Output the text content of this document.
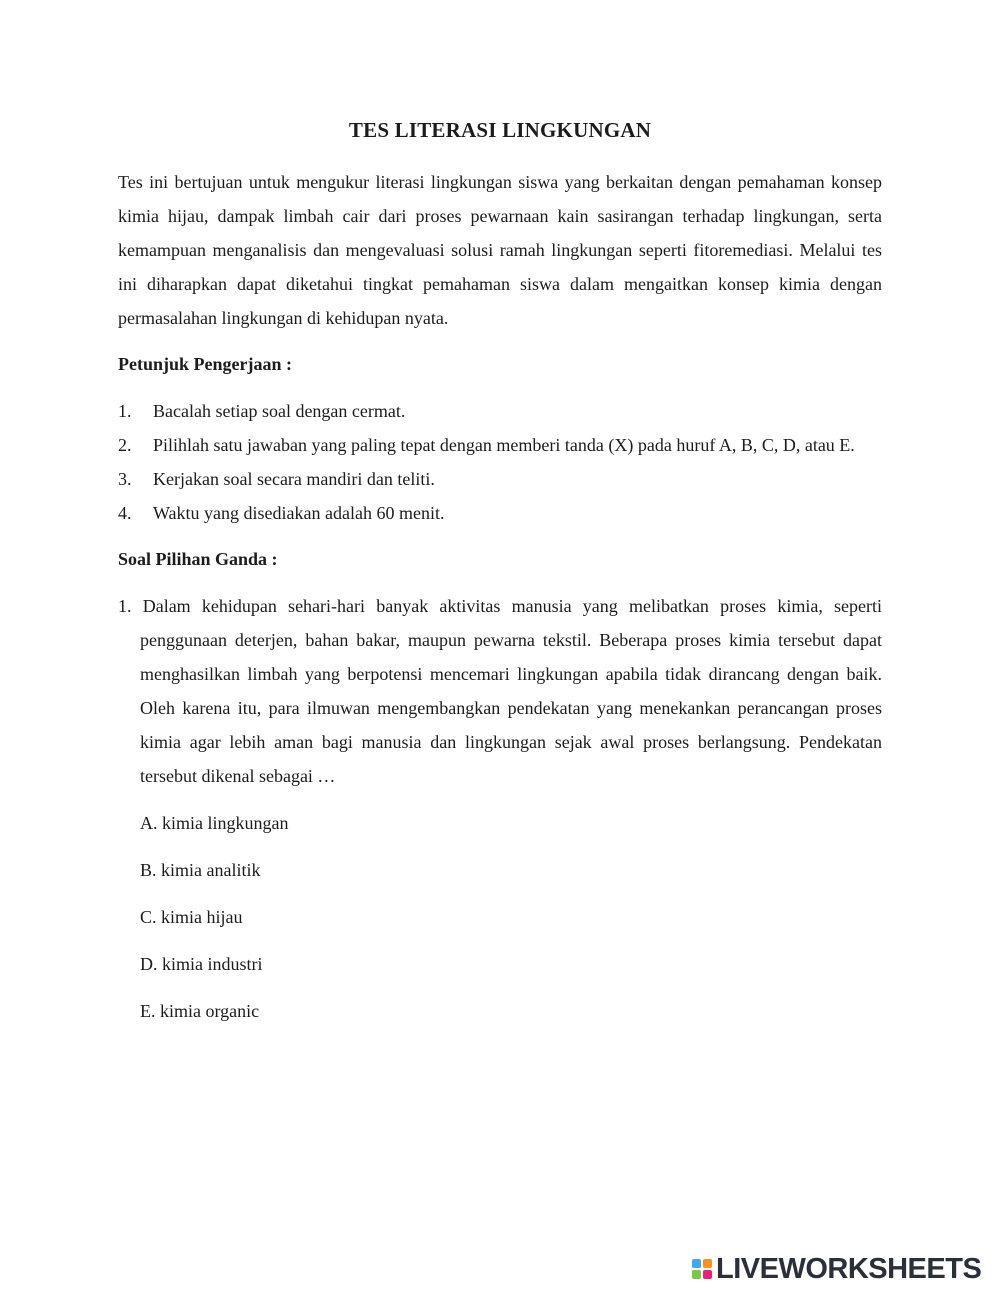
TES LITERASI LINGKUNGAN

Tes ini bertujuan untuk mengukur literasi lingkungan siswa yang berkaitan dengan pemahaman konsep kimia hijau, dampak limbah cair dari proses pewarnaan kain sasirangan terhadap lingkungan, serta kemampuan menganalisis dan mengevaluasi solusi ramah lingkungan seperti fitoremediasi. Melalui tes ini diharapkan dapat diketahui tingkat pemahaman siswa dalam mengaitkan konsep kimia dengan permasalahan lingkungan di kehidupan nyata.

Petunjuk Pengerjaan :
1. Bacalah setiap soal dengan cermat.
2. Pilihlah satu jawaban yang paling tepat dengan memberi tanda (X) pada huruf A, B, C, D, atau E.
3. Kerjakan soal secara mandiri dan teliti.
4. Waktu yang disediakan adalah 60 menit.
Soal Pilihan Ganda :

1. Dalam kehidupan sehari-hari banyak aktivitas manusia yang melibatkan proses kimia, seperti penggunaan deterjen, bahan bakar, maupun pewarna tekstil. Beberapa proses kimia tersebut dapat menghasilkan limbah yang berpotensi mencemari lingkungan apabila tidak dirancang dengan baik. Oleh karena itu, para ilmuwan mengembangkan pendekatan yang menekankan perancangan proses kimia agar lebih aman bagi manusia dan lingkungan sejak awal proses berlangsung. Pendekatan tersebut dikenal sebagai …

A. kimia lingkungan
B. kimia analitik
C. kimia hijau
D. kimia industri
E. kimia organic
LIVEWORKSHEETS
